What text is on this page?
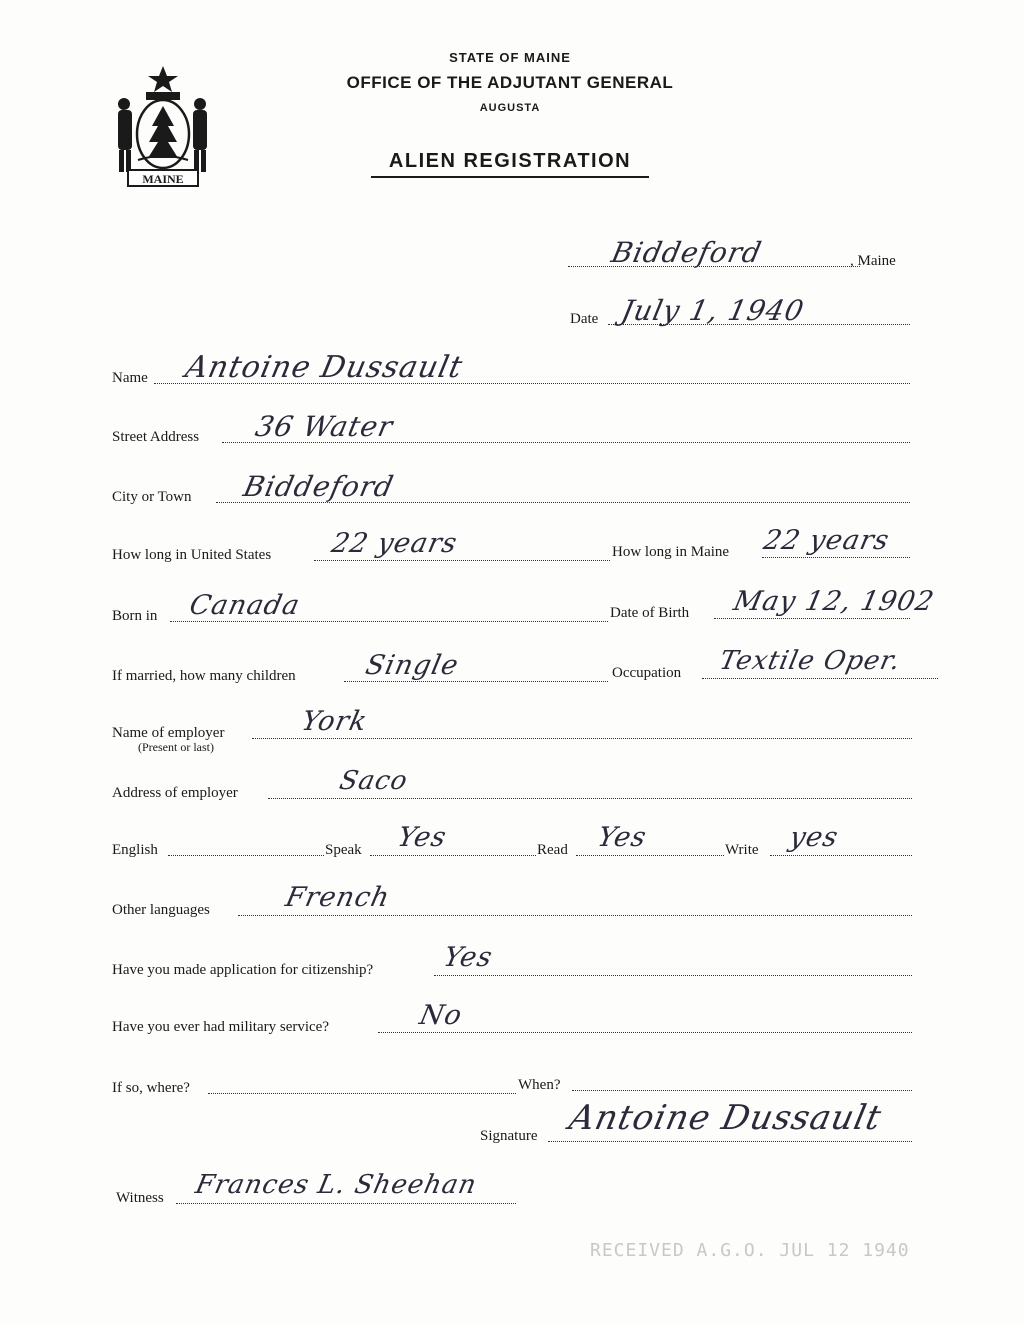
MAINE
STATE OF MAINE
OFFICE OF THE ADJUTANT GENERAL
AUGUSTA
ALIEN REGISTRATION
Biddeford	, Maine
Date July 1, 1940
Name Antoine Dussault
Street Address 36 Water
City or Town Biddeford
How long in United States 22 years	How long in Maine 22 years
Born in Canada	Date of Birth May 12, 1902
If married, how many children Single	Occupation Textile Oper.
Name of employer
(Present or last)
York
Address of employer	Saco
English	Speak Yes	Read Yes	Write yes
Other languages	French
Have you made application for citizenship?	Yes
Have you ever had military service?	No
If so, where?	When?
Signature Antoine Dussault
Witness Frances L. Sheehan
RECEIVED A.G.O. JUL 12 1940
